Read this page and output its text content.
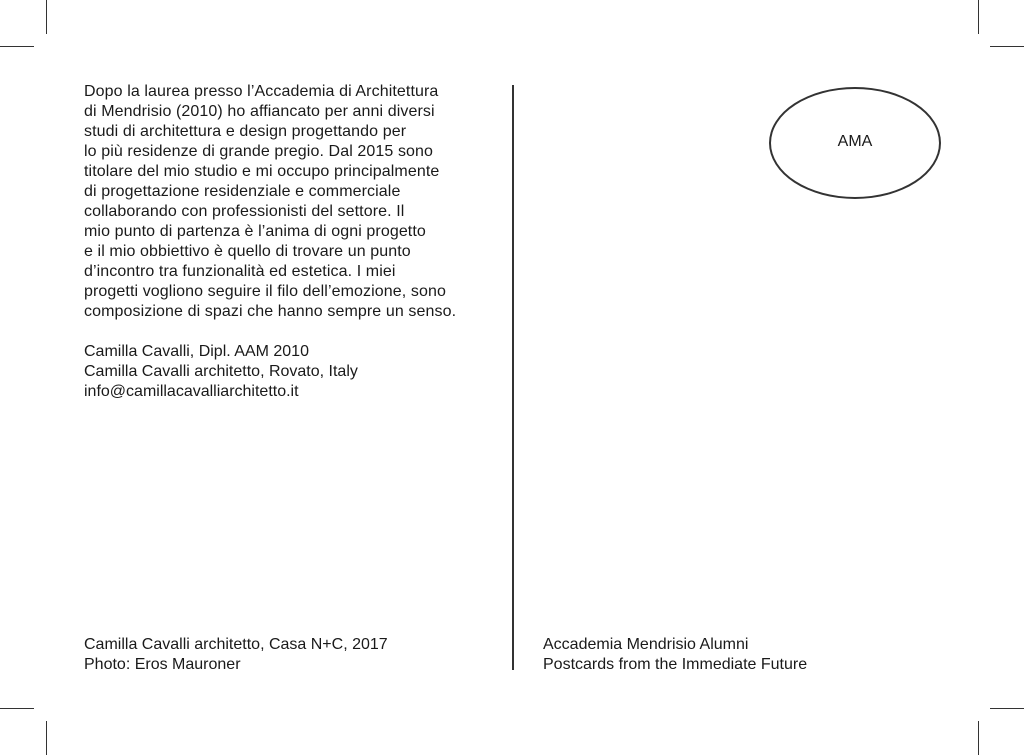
Dopo la laurea presso l’Accademia di Architettura

di Mendrisio (2010) ho affiancato per anni diversi

studi di architettura e design progettando per

lo più residenze di grande pregio. Dal 2015 sono

titolare del mio studio e mi occupo principalmente

di progettazione residenziale e commerciale

collaborando con professionisti del settore. Il

mio punto di partenza è l’anima di ogni progetto

e il mio obbiettivo è quello di trovare un punto

d’incontro tra funzionalità ed estetica. I miei

progetti vogliono seguire il filo dell’emozione, sono

composizione di spazi che hanno sempre un senso.

Camilla Cavalli, Dipl. AAM 2010
Camilla Cavalli architetto, Rovato, Italy
info@camillacavalliarchitetto.it
Camilla Cavalli architetto, Casa N+C, 2017
Photo: Eros Mauroner
AMA
Accademia Mendrisio Alumni
Postcards from the Immediate Future
